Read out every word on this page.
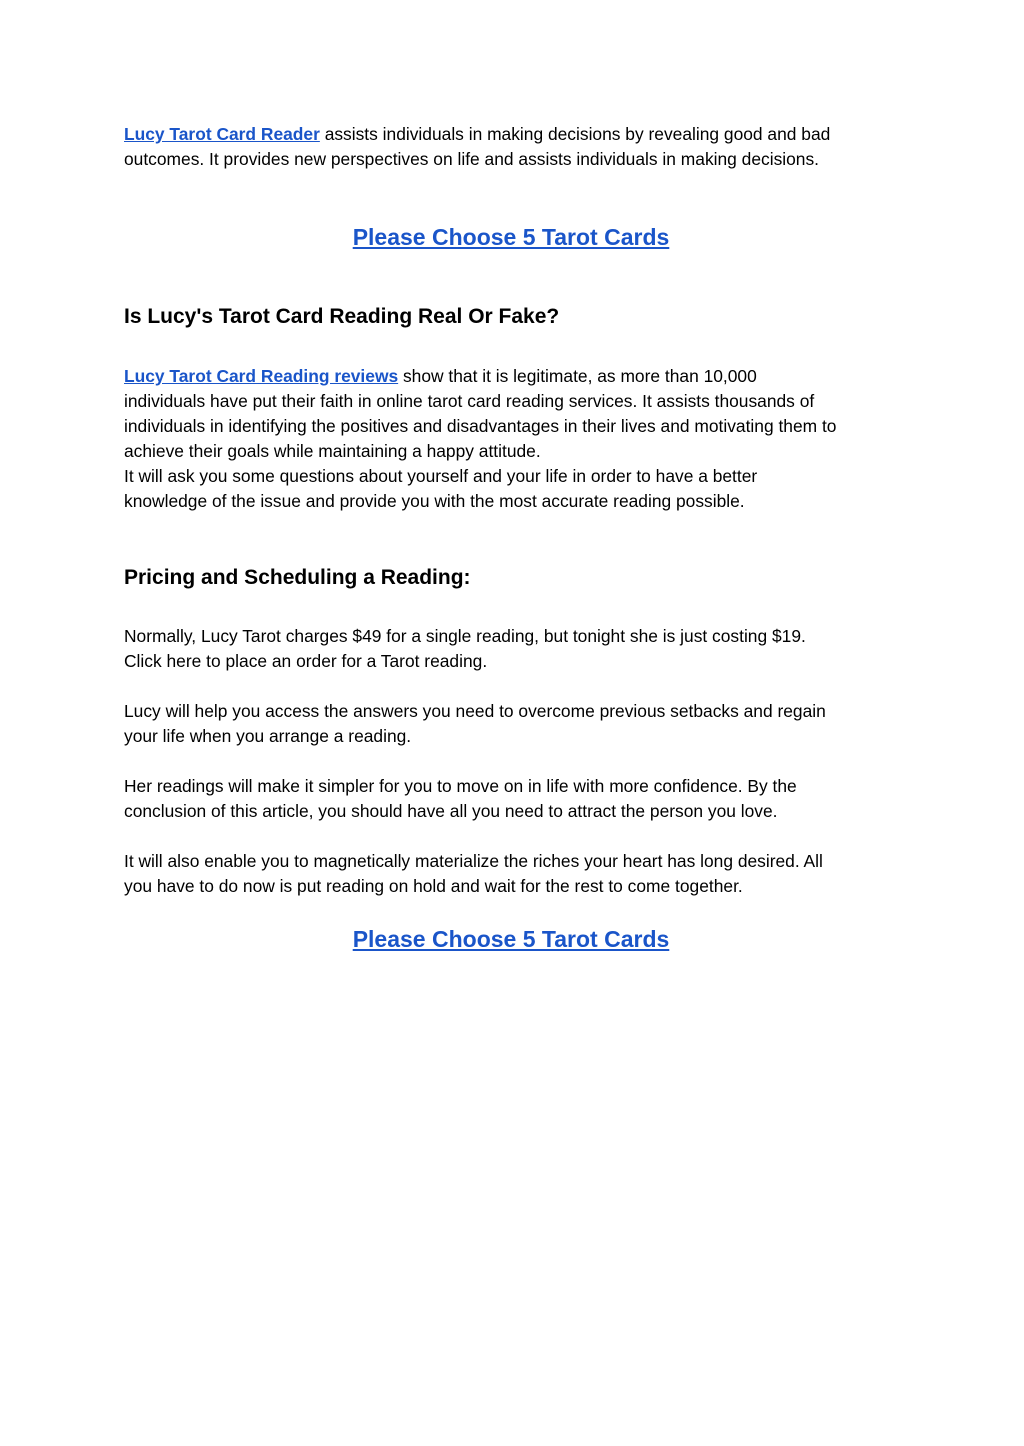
Lucy Tarot Card Reader assists individuals in making decisions by revealing good and bad
outcomes. It provides new perspectives on life and assists individuals in making decisions.

Please Choose 5 Tarot Cards

Is Lucy's Tarot Card Reading Real Or Fake?

Lucy Tarot Card Reading reviews show that it is legitimate, as more than 10,000
individuals have put their faith in online tarot card reading services. It assists thousands of
individuals in identifying the positives and disadvantages in their lives and motivating them to
achieve their goals while maintaining a happy attitude.
It will ask you some questions about yourself and your life in order to have a better
knowledge of the issue and provide you with the most accurate reading possible.

Pricing and Scheduling a Reading:

Normally, Lucy Tarot charges $49 for a single reading, but tonight she is just costing $19.
Click here to place an order for a Tarot reading.

Lucy will help you access the answers you need to overcome previous setbacks and regain
your life when you arrange a reading.

Her readings will make it simpler for you to move on in life with more confidence. By the
conclusion of this article, you should have all you need to attract the person you love.

It will also enable you to magnetically materialize the riches your heart has long desired. All
you have to do now is put reading on hold and wait for the rest to come together.

Please Choose 5 Tarot Cards
